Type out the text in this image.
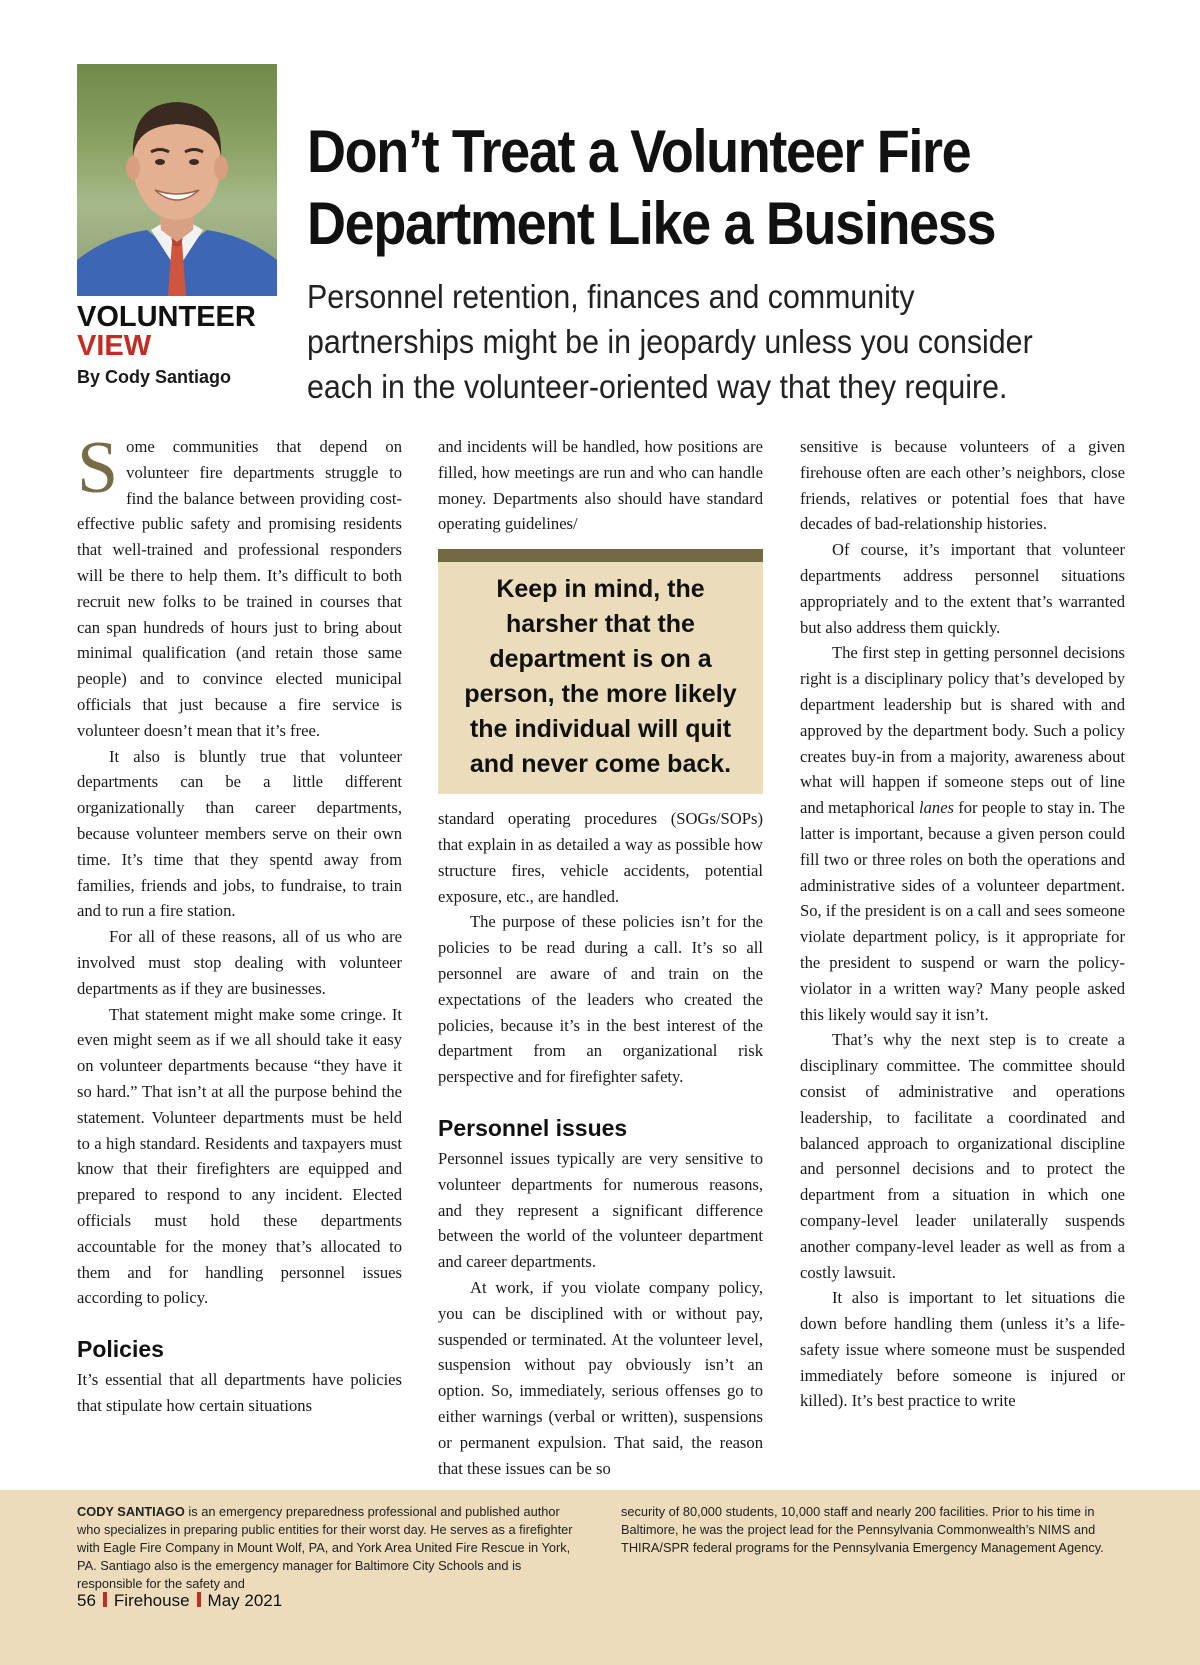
VOLUNTEER
VIEW
By Cody Santiago
Don’t Treat a Volunteer Fire Department Like a Business

Personnel retention, finances and community partnerships might be in jeopardy unless you consider each in the volunteer-oriented way that they require.

Some communities that depend on volunteer fire departments struggle to find the balance between providing cost-effective public safety and promising residents that well-trained and professional responders will be there to help them. It’s difficult to both recruit new folks to be trained in courses that can span hundreds of hours just to bring about minimal qualification (and retain those same people) and to convince elected municipal officials that just because a fire service is volunteer doesn’t mean that it’s free.

It also is bluntly true that volunteer departments can be a little different organizationally than career departments, because volunteer members serve on their own time. It’s time that they spentd away from families, friends and jobs, to fundraise, to train and to run a fire station.

For all of these reasons, all of us who are involved must stop dealing with volunteer departments as if they are businesses.

That statement might make some cringe. It even might seem as if we all should take it easy on volunteer departments because “they have it so hard.” That isn’t at all the purpose behind the statement. Volunteer departments must be held to a high standard. Residents and taxpayers must know that their firefighters are equipped and prepared to respond to any incident. Elected officials must hold these departments accountable for the money that’s allocated to them and for handling personnel issues according to policy.

Policies

It’s essential that all departments have policies that stipulate how certain situations

and incidents will be handled, how positions are filled, how meetings are run and who can handle money. Departments also should have standard operating guidelines/

Keep in mind, the harsher that the department is on a person, the more likely the individual will quit and never come back.

standard operating procedures (SOGs/SOPs) that explain in as detailed a way as possible how structure fires, vehicle accidents, potential exposure, etc., are handled.

The purpose of these policies isn’t for the policies to be read during a call. It’s so all personnel are aware of and train on the expectations of the leaders who created the policies, because it’s in the best interest of the department from an organizational risk perspective and for firefighter safety.

Personnel issues

Personnel issues typically are very sensitive to volunteer departments for numerous reasons, and they represent a significant difference between the world of the volunteer department and career departments.

At work, if you violate company policy, you can be disciplined with or without pay, suspended or terminated. At the volunteer level, suspension without pay obviously isn’t an option. So, immediately, serious offenses go to either warnings (verbal or written), suspensions or permanent expulsion. That said, the reason that these issues can be so

sensitive is because volunteers of a given firehouse often are each other’s neighbors, close friends, relatives or potential foes that have decades of bad-relationship histories.

Of course, it’s important that volunteer departments address personnel situations appropriately and to the extent that’s warranted but also address them quickly.

The first step in getting personnel decisions right is a disciplinary policy that’s developed by department leadership but is shared with and approved by the department body. Such a policy creates buy-in from a majority, awareness about what will happen if someone steps out of line and metaphorical lanes for people to stay in. The latter is important, because a given person could fill two or three roles on both the operations and administrative sides of a volunteer department. So, if the president is on a call and sees someone violate department policy, is it appropriate for the president to suspend or warn the policy-violator in a written way? Many people asked this likely would say it isn’t.

That’s why the next step is to create a disciplinary committee. The committee should consist of administrative and operations leadership, to facilitate a coordinated and balanced approach to organizational discipline and personnel decisions and to protect the department from a situation in which one company-level leader unilaterally suspends another company-level leader as well as from a costly lawsuit.

It also is important to let situations die down before handling them (unless it’s a life-safety issue where someone must be suspended immediately before someone is injured or killed). It’s best practice to write

CODY SANTIAGO is an emergency preparedness professional and published author who specializes in preparing public entities for their worst day. He serves as a firefighter with Eagle Fire Company in Mount Wolf, PA, and York Area United Fire Rescue in York, PA. Santiago also is the emergency manager for Baltimore City Schools and is responsible for the safety and
security of 80,000 students, 10,000 staff and nearly 200 facilities. Prior to his time in Baltimore, he was the project lead for the Pennsylvania Commonwealth’s NIMS and THIRA/SPR federal programs for the Pennsylvania Emergency Management Agency.
56 Firehouse May 2021
